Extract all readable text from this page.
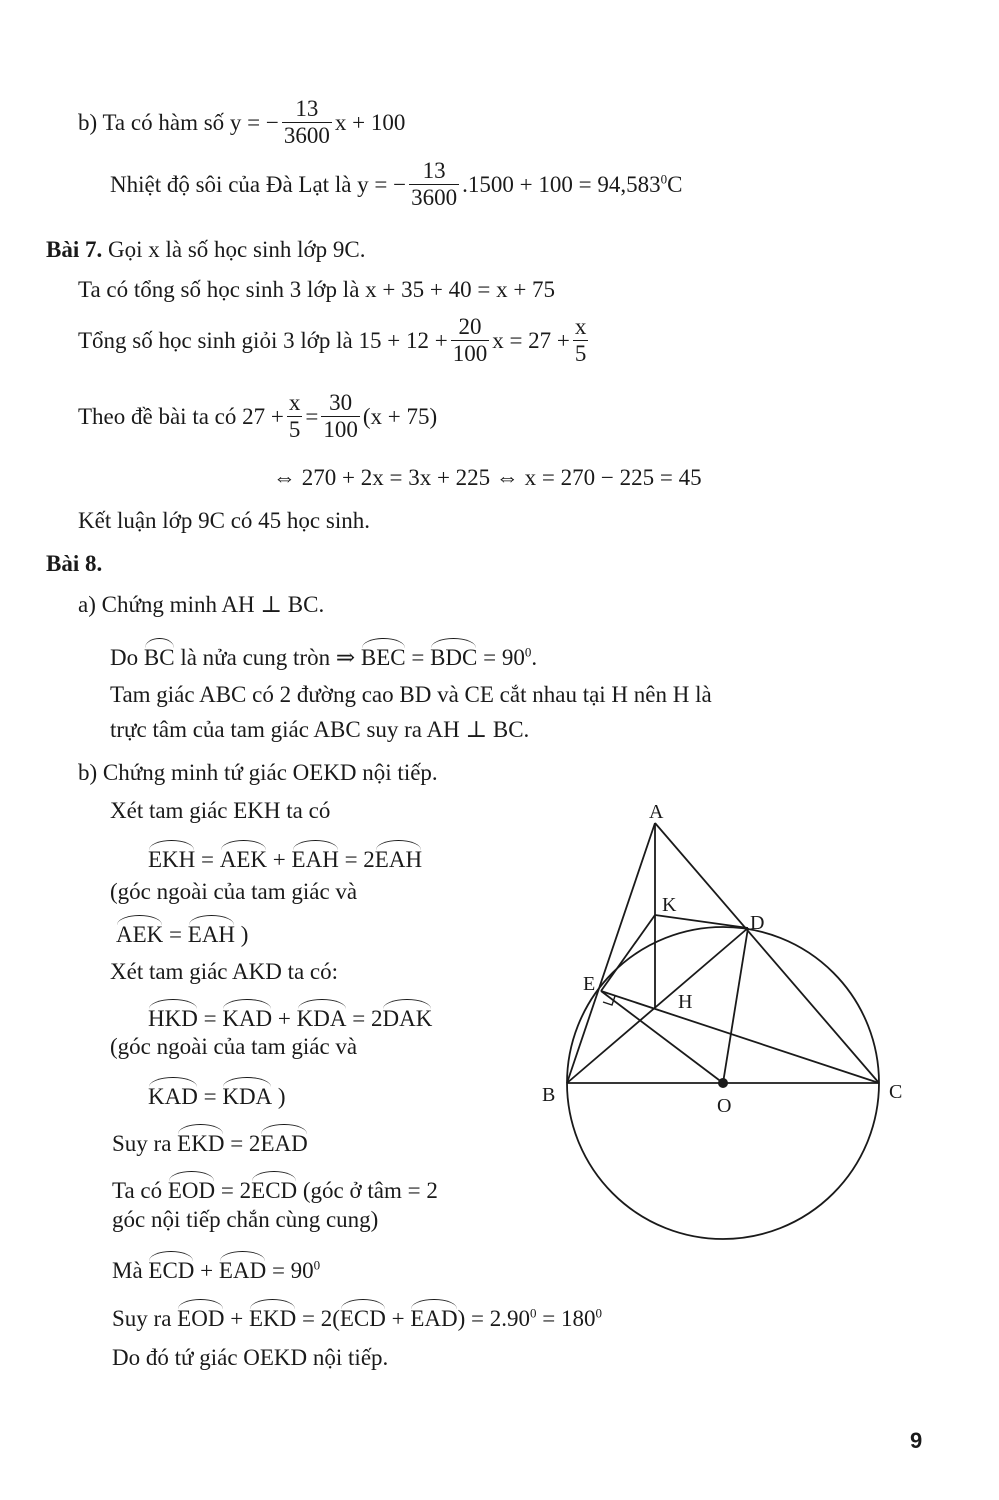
b) Ta có hàm số y = − $\frac{13}{3600}$ x + 100
Nhiệt độ sôi của Đà Lạt là y = − $\frac{13}{3600} .1500 + 100 = 94,583^0C$
Bài 7. Gọi x là số học sinh lớp 9C.
Ta có tổng số học sinh 3 lớp là x + 35 + 40 = x + 75
Tổng số học sinh giỏi 3 lớp là $15 + 12 + \frac{20}{100}$ $x = 27 + \frac{x}{5}$
Theo đề bài ta có $27 + \frac{x}{5} = \frac{30}{100} (x + 75)$
⇔ 270 + 2x = 3x + 225 ⇔ x = 270 − 225 = 45
Kết luận lớp 9C có 45 học sinh.
Bài 8.
a) Chứng minh AH ⊥ BC.
Do BC là nửa cung tròn ⇒ BEC = BDC = $90^0$.
Tam giác ABC có 2 đường cao BD và CE cắt nhau tại H nên H là
trực tâm của tam giác ABC suy ra AH ⊥ BC.
b) Chứng minh tứ giác OEKD nội tiếp.
Xét tam giác EKH ta có
EKH = AEK + EAH = 2EAH
(góc ngoài của tam giác và
AEK = EAH )
Xét tam giác AKD ta có:
HKD = KAD + KDA = 2DAK
(góc ngoài của tam giác và
KAD = KDA )
Suy ra EKD = 2EAD
Ta có EOD = 2ECD (góc ở tâm = 2
góc nội tiếp chắn cùng cung)
Mà ECD + EAD = $90^0$
Suy ra EOD + EKD = $2(ECD + EAD) = 2.90^0 = 180^0$
Do đó tứ giác OEKD nội tiếp.
A
B	C
D
E
H
K
O
9
